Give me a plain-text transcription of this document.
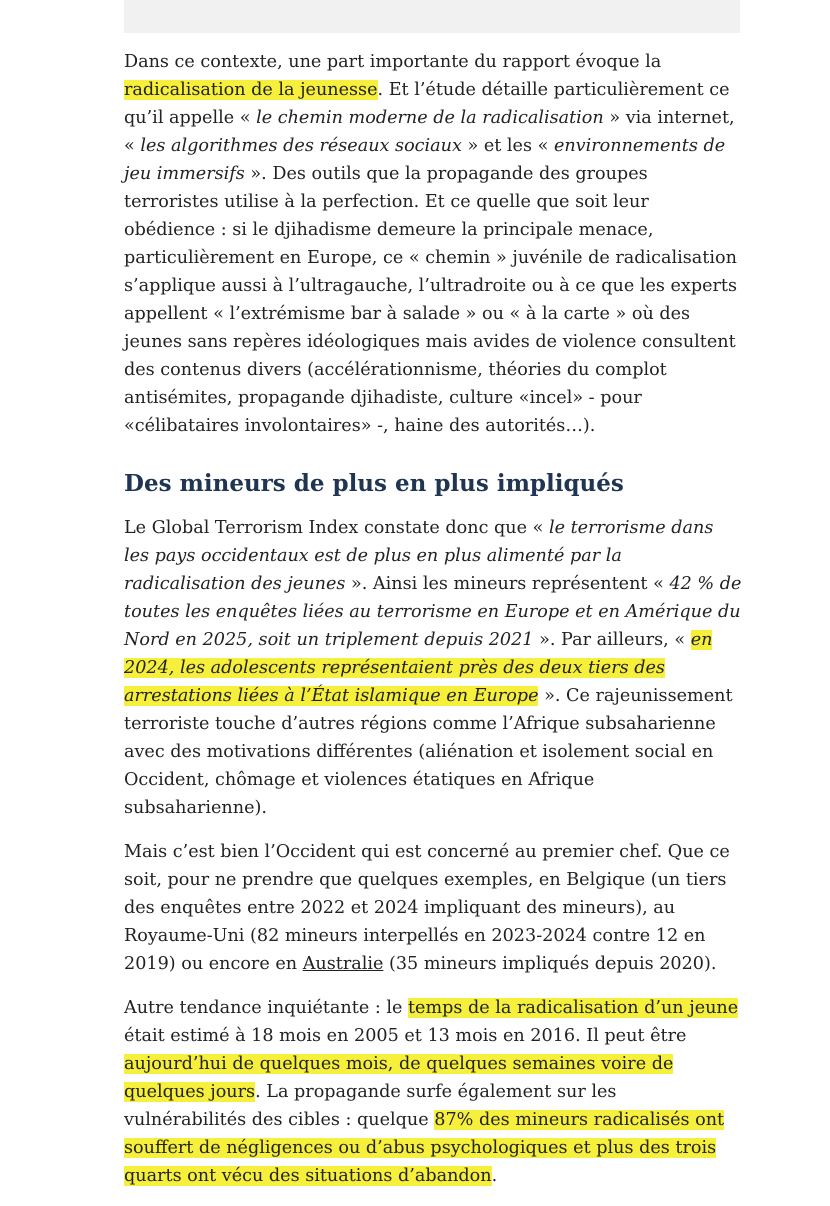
Dans ce contexte, une part importante du rapport évoque la radicalisation de la jeunesse. Et l’étude détaille particulièrement ce qu’il appelle « le chemin moderne de la radicalisation » via internet, « les algorithmes des réseaux sociaux » et les « environnements de jeu immersifs ». Des outils que la propagande des groupes terroristes utilise à la perfection. Et ce quelle que soit leur obédience : si le djihadisme demeure la principale menace, particulièrement en Europe, ce « chemin » juvénile de radicalisation s’applique aussi à l’ultragauche, l’ultradroite ou à ce que les experts appellent « l’extrémisme bar à salade » ou « à la carte » où des jeunes sans repères idéologiques mais avides de violence consultent des contenus divers (accélérationnisme, théories du complot antisémites, propagande djihadiste, culture «incel» - pour «célibataires involontaires» -, haine des autorités…).

Des mineurs de plus en plus impliqués

Le Global Terrorism Index constate donc que « le terrorisme dans les pays occidentaux est de plus en plus alimenté par la radicalisation des jeunes ». Ainsi les mineurs représentent « 42 % de toutes les enquêtes liées au terrorisme en Europe et en Amérique du Nord en 2025, soit un triplement depuis 2021 ». Par ailleurs, « en 2024, les adolescents représentaient près des deux tiers des arrestations liées à l’État islamique en Europe ». Ce rajeunissement terroriste touche d’autres régions comme l’Afrique subsaharienne avec des motivations différentes (aliénation et isolement social en Occident, chômage et violences étatiques en Afrique subsaharienne).

Mais c’est bien l’Occident qui est concerné au premier chef. Que ce soit, pour ne prendre que quelques exemples, en Belgique (un tiers des enquêtes entre 2022 et 2024 impliquant des mineurs), au Royaume-Uni (82 mineurs interpellés en 2023-2024 contre 12 en 2019) ou encore en Australie (35 mineurs impliqués depuis 2020).

Autre tendance inquiétante : le temps de la radicalisation d’un jeune était estimé à 18 mois en 2005 et 13 mois en 2016. Il peut être aujourd’hui de quelques mois, de quelques semaines voire de quelques jours. La propagande surfe également sur les vulnérabilités des cibles : quelque 87% des mineurs radicalisés ont souffert de négligences ou d’abus psychologiques et plus des trois quarts ont vécu des situations d’abandon.
